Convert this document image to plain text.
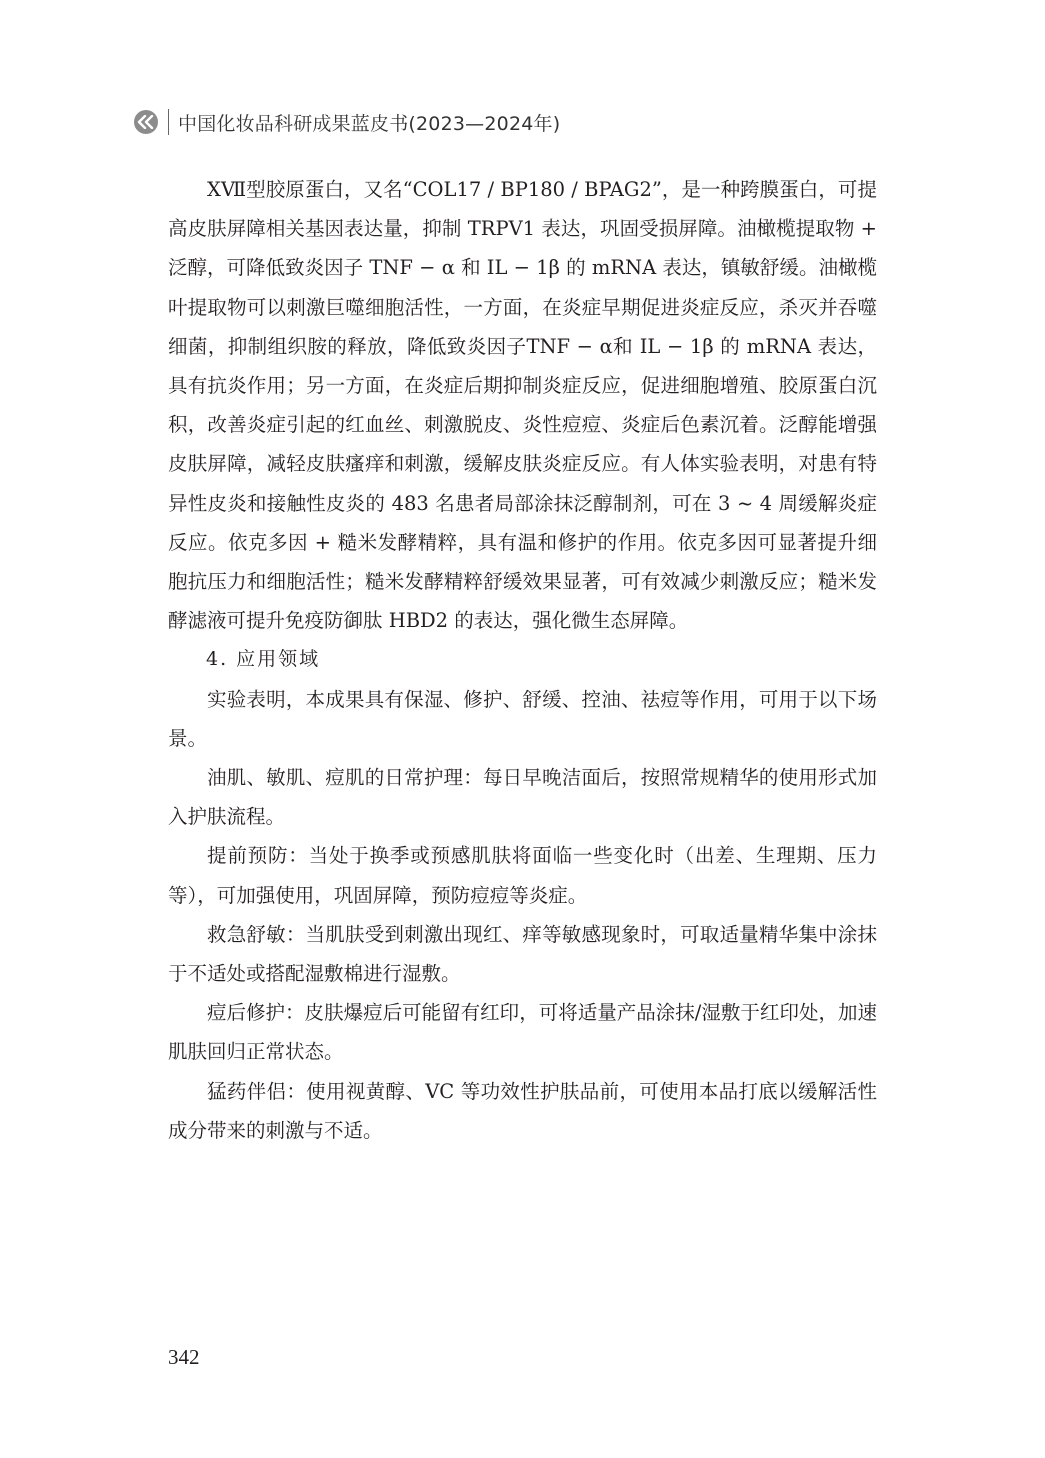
中国化妆品科研成果蓝皮书(2023—2024年)

XⅦ型胶原蛋白，又名“COL17 / BP180 / BPAG2”，是一种跨膜蛋白，可提高皮肤屏障相关基因表达量，抑制 TRPV1 表达，巩固受损屏障。油橄榄提取物 + 泛醇，可降低致炎因子 TNF − α 和 IL − 1β 的 mRNA 表达，镇敏舒缓。油橄榄叶提取物可以刺激巨噬细胞活性，一方面，在炎症早期促进炎症反应，杀灭并吞噬细菌，抑制组织胺的释放，降低致炎因子TNF − α和 IL − 1β 的 mRNA 表达，具有抗炎作用；另一方面，在炎症后期抑制炎症反应，促进细胞增殖、胶原蛋白沉积，改善炎症引起的红血丝、刺激脱皮、炎性痘痘、炎症后色素沉着。泛醇能增强皮肤屏障，减轻皮肤瘙痒和刺激，缓解皮肤炎症反应。有人体实验表明，对患有特异性皮炎和接触性皮炎的 483 名患者局部涂抹泛醇制剂，可在 3 ~ 4 周缓解炎症反应。依克多因 + 糙米发酵精粹，具有温和修护的作用。依克多因可显著提升细胞抗压力和细胞活性；糙米发酵精粹舒缓效果显著，可有效减少刺激反应；糙米发酵滤液可提升免疫防御肽 HBD2 的表达，强化微生态屏障。

4. 应用领域

实验表明，本成果具有保湿、修护、舒缓、控油、祛痘等作用，可用于以下场景。

油肌、敏肌、痘肌的日常护理：每日早晚洁面后，按照常规精华的使用形式加入护肤流程。

提前预防：当处于换季或预感肌肤将面临一些变化时（出差、生理期、压力等），可加强使用，巩固屏障，预防痘痘等炎症。

救急舒敏：当肌肤受到刺激出现红、痒等敏感现象时，可取适量精华集中涂抹于不适处或搭配湿敷棉进行湿敷。

痘后修护：皮肤爆痘后可能留有红印，可将适量产品涂抹/湿敷于红印处，加速肌肤回归正常状态。

猛药伴侣：使用视黄醇、VC 等功效性护肤品前，可使用本品打底以缓解活性成分带来的刺激与不适。

342
